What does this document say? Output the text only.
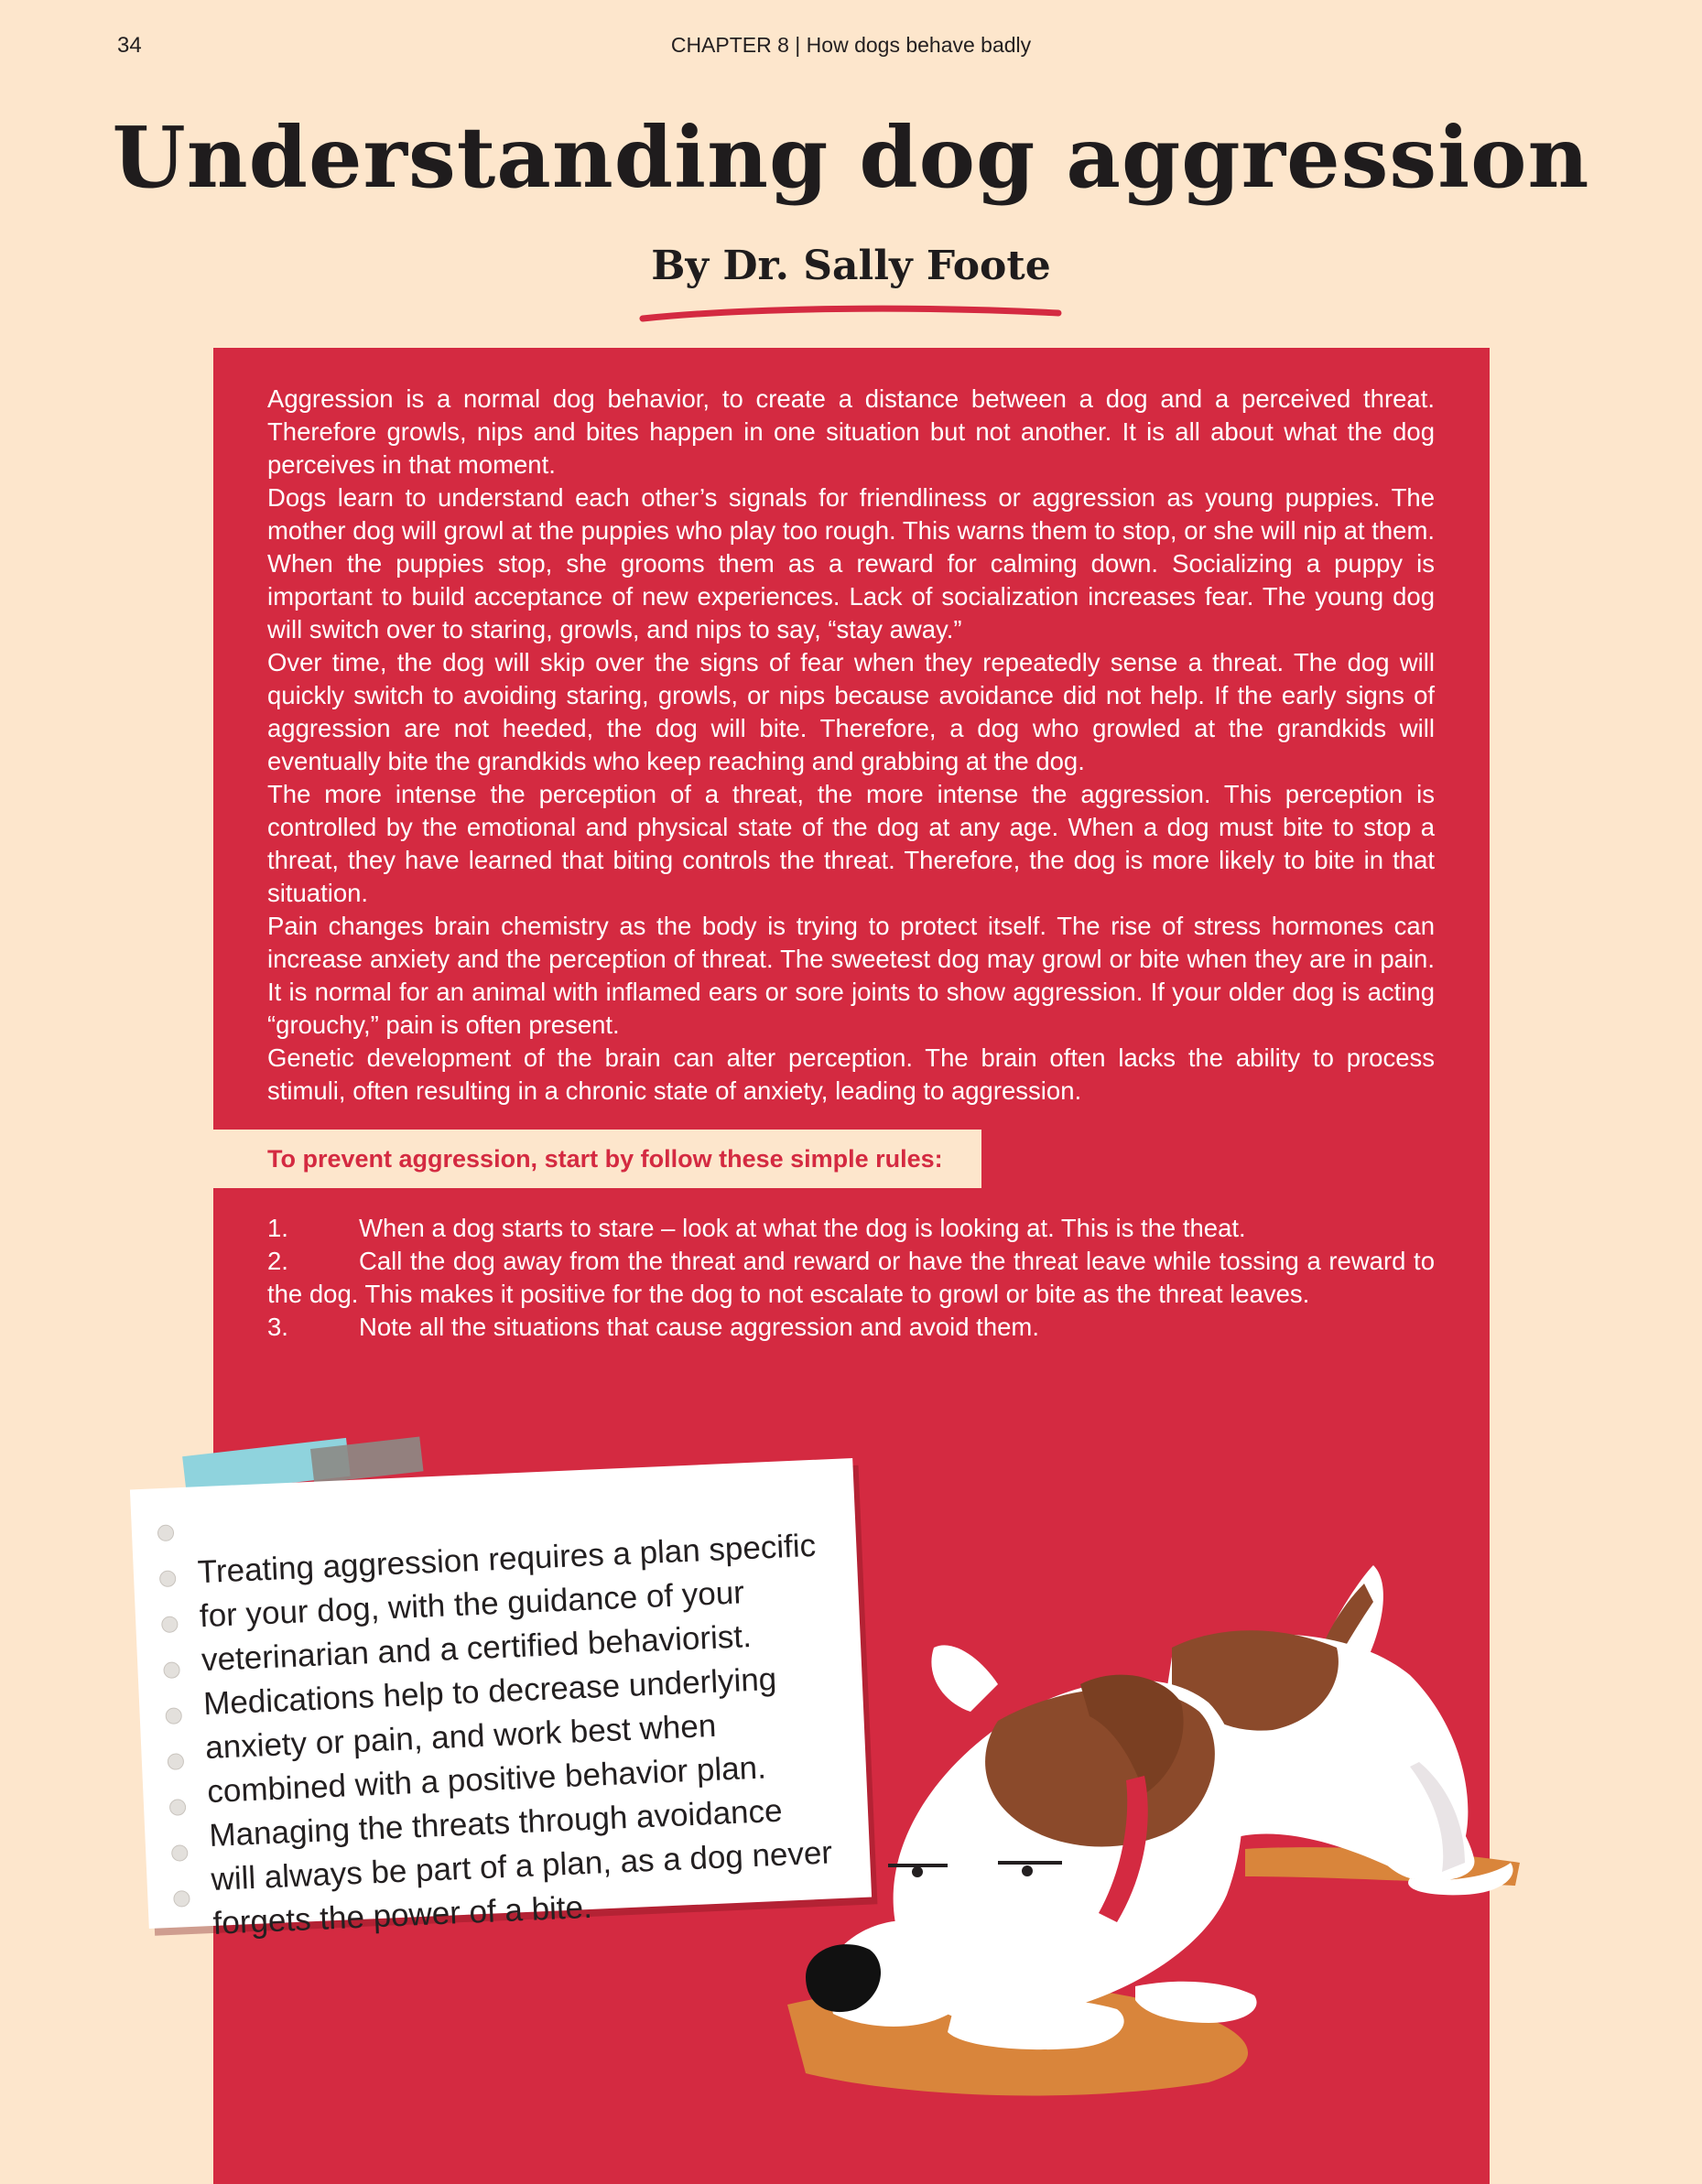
34	CHAPTER 8 | How dogs behave badly
Understanding dog aggression
By Dr. Sally Foote

Aggression is a normal dog behavior, to create a distance between a dog and a perceived threat. Therefore growls, nips and bites happen in one situation but not another. It is all about what the dog perceives in that moment.

Dogs learn to understand each other’s signals for friendliness or aggression as young puppies. The mother dog will growl at the puppies who play too rough. This warns them to stop, or she will nip at them. When the puppies stop, she grooms them as a reward for calming down. Socializing a puppy is important to build acceptance of new experiences. Lack of socialization increases fear. The young dog will switch over to staring, growls, and nips to say, “stay away.”

Over time, the dog will skip over the signs of fear when they repeatedly sense a threat. The dog will quickly switch to avoiding staring, growls, or nips because avoidance did not help. If the early signs of aggression are not heeded, the dog will bite. Therefore, a dog who growled at the grandkids will eventually bite the grandkids who keep reaching and grabbing at the dog.

The more intense the perception of a threat, the more intense the aggression. This perception is controlled by the emotional and physical state of the dog at any age. When a dog must bite to stop a threat, they have learned that biting controls the threat. Therefore, the dog is more likely to bite in that situation.

Pain changes brain chemistry as the body is trying to protect itself. The rise of stress hormones can increase anxiety and the perception of threat. The sweetest dog may growl or bite when they are in pain. It is normal for an animal with inflamed ears or sore joints to show aggression. If your older dog is acting “grouchy,” pain is often present.

Genetic development of the brain can alter perception. The brain often lacks the ability to process stimuli, often resulting in a chronic state of anxiety, leading to aggression.

To prevent aggression, start by follow these simple rules:

1.	When a dog starts to stare – look at what the dog is looking at. This is the theat.

2.	Call the dog away from the threat and reward or have the threat leave while tossing a reward to the dog. This makes it positive for the dog to not escalate to growl or bite as the threat leaves.

3.	Note all the situations that cause aggression and avoid them.

Treating aggression requires a plan specific for your dog, with the guidance of your veterinarian and a certified behaviorist. Medications help to decrease underlying anxiety or pain, and work best when combined with a positive behavior plan. Managing the threats through avoidance will always be part of a plan, as a dog never forgets the power of a bite.
